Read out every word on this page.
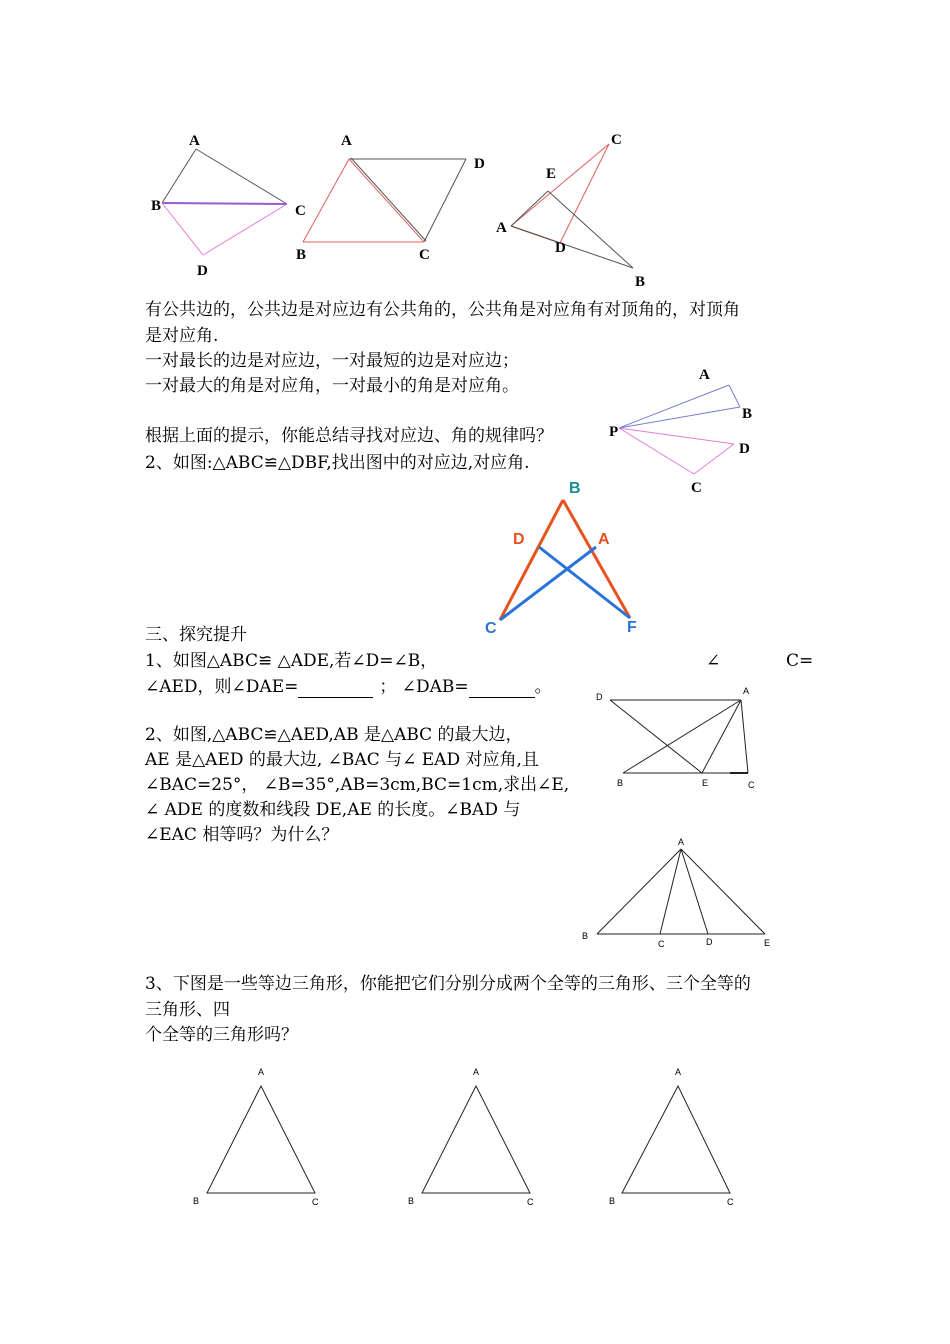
A
B	C
D
A
D
B	C
C
E
A
D
B
有公共边的，公共边是对应边有公共角的，公共角是对应角有对顶角的，对顶角
是对应角.
一对最长的边是对应边，一对最短的边是对应边；
一对最大的角是对应角，一对最小的角是对应角。
根据上面的提示，你能总结寻找对应边、角的规律吗？
2、如图:△ABC≌△DBF,找出图中的对应边,对应角.
A
B
P
D
C
B
D	A
C	F
三、探究提升
1、如图△ABC≌ △ADE,若∠D=∠B，	∠	C=
∠AED，则∠DAE=	； ∠DAB=	。
2、如图,△ABC≌△AED,AB 是△ABC 的最大边，
AE 是△AED 的最大边, ∠BAC 与∠ EAD 对应角,且
∠BAC=25°， ∠B=35°,AB=3cm,BC=1cm,求出∠E,
∠ ADE 的度数和线段 DE,AE 的长度。∠BAD 与
∠EAC 相等吗？为什么？
D
A
B	E	C
A
B
C	D	E
3、下图是一些等边三角形，你能把它们分别分成两个全等的三角形、三个全等的
三角形、四
个全等的三角形吗？
A
B	C
A
B	C
A
B	C
